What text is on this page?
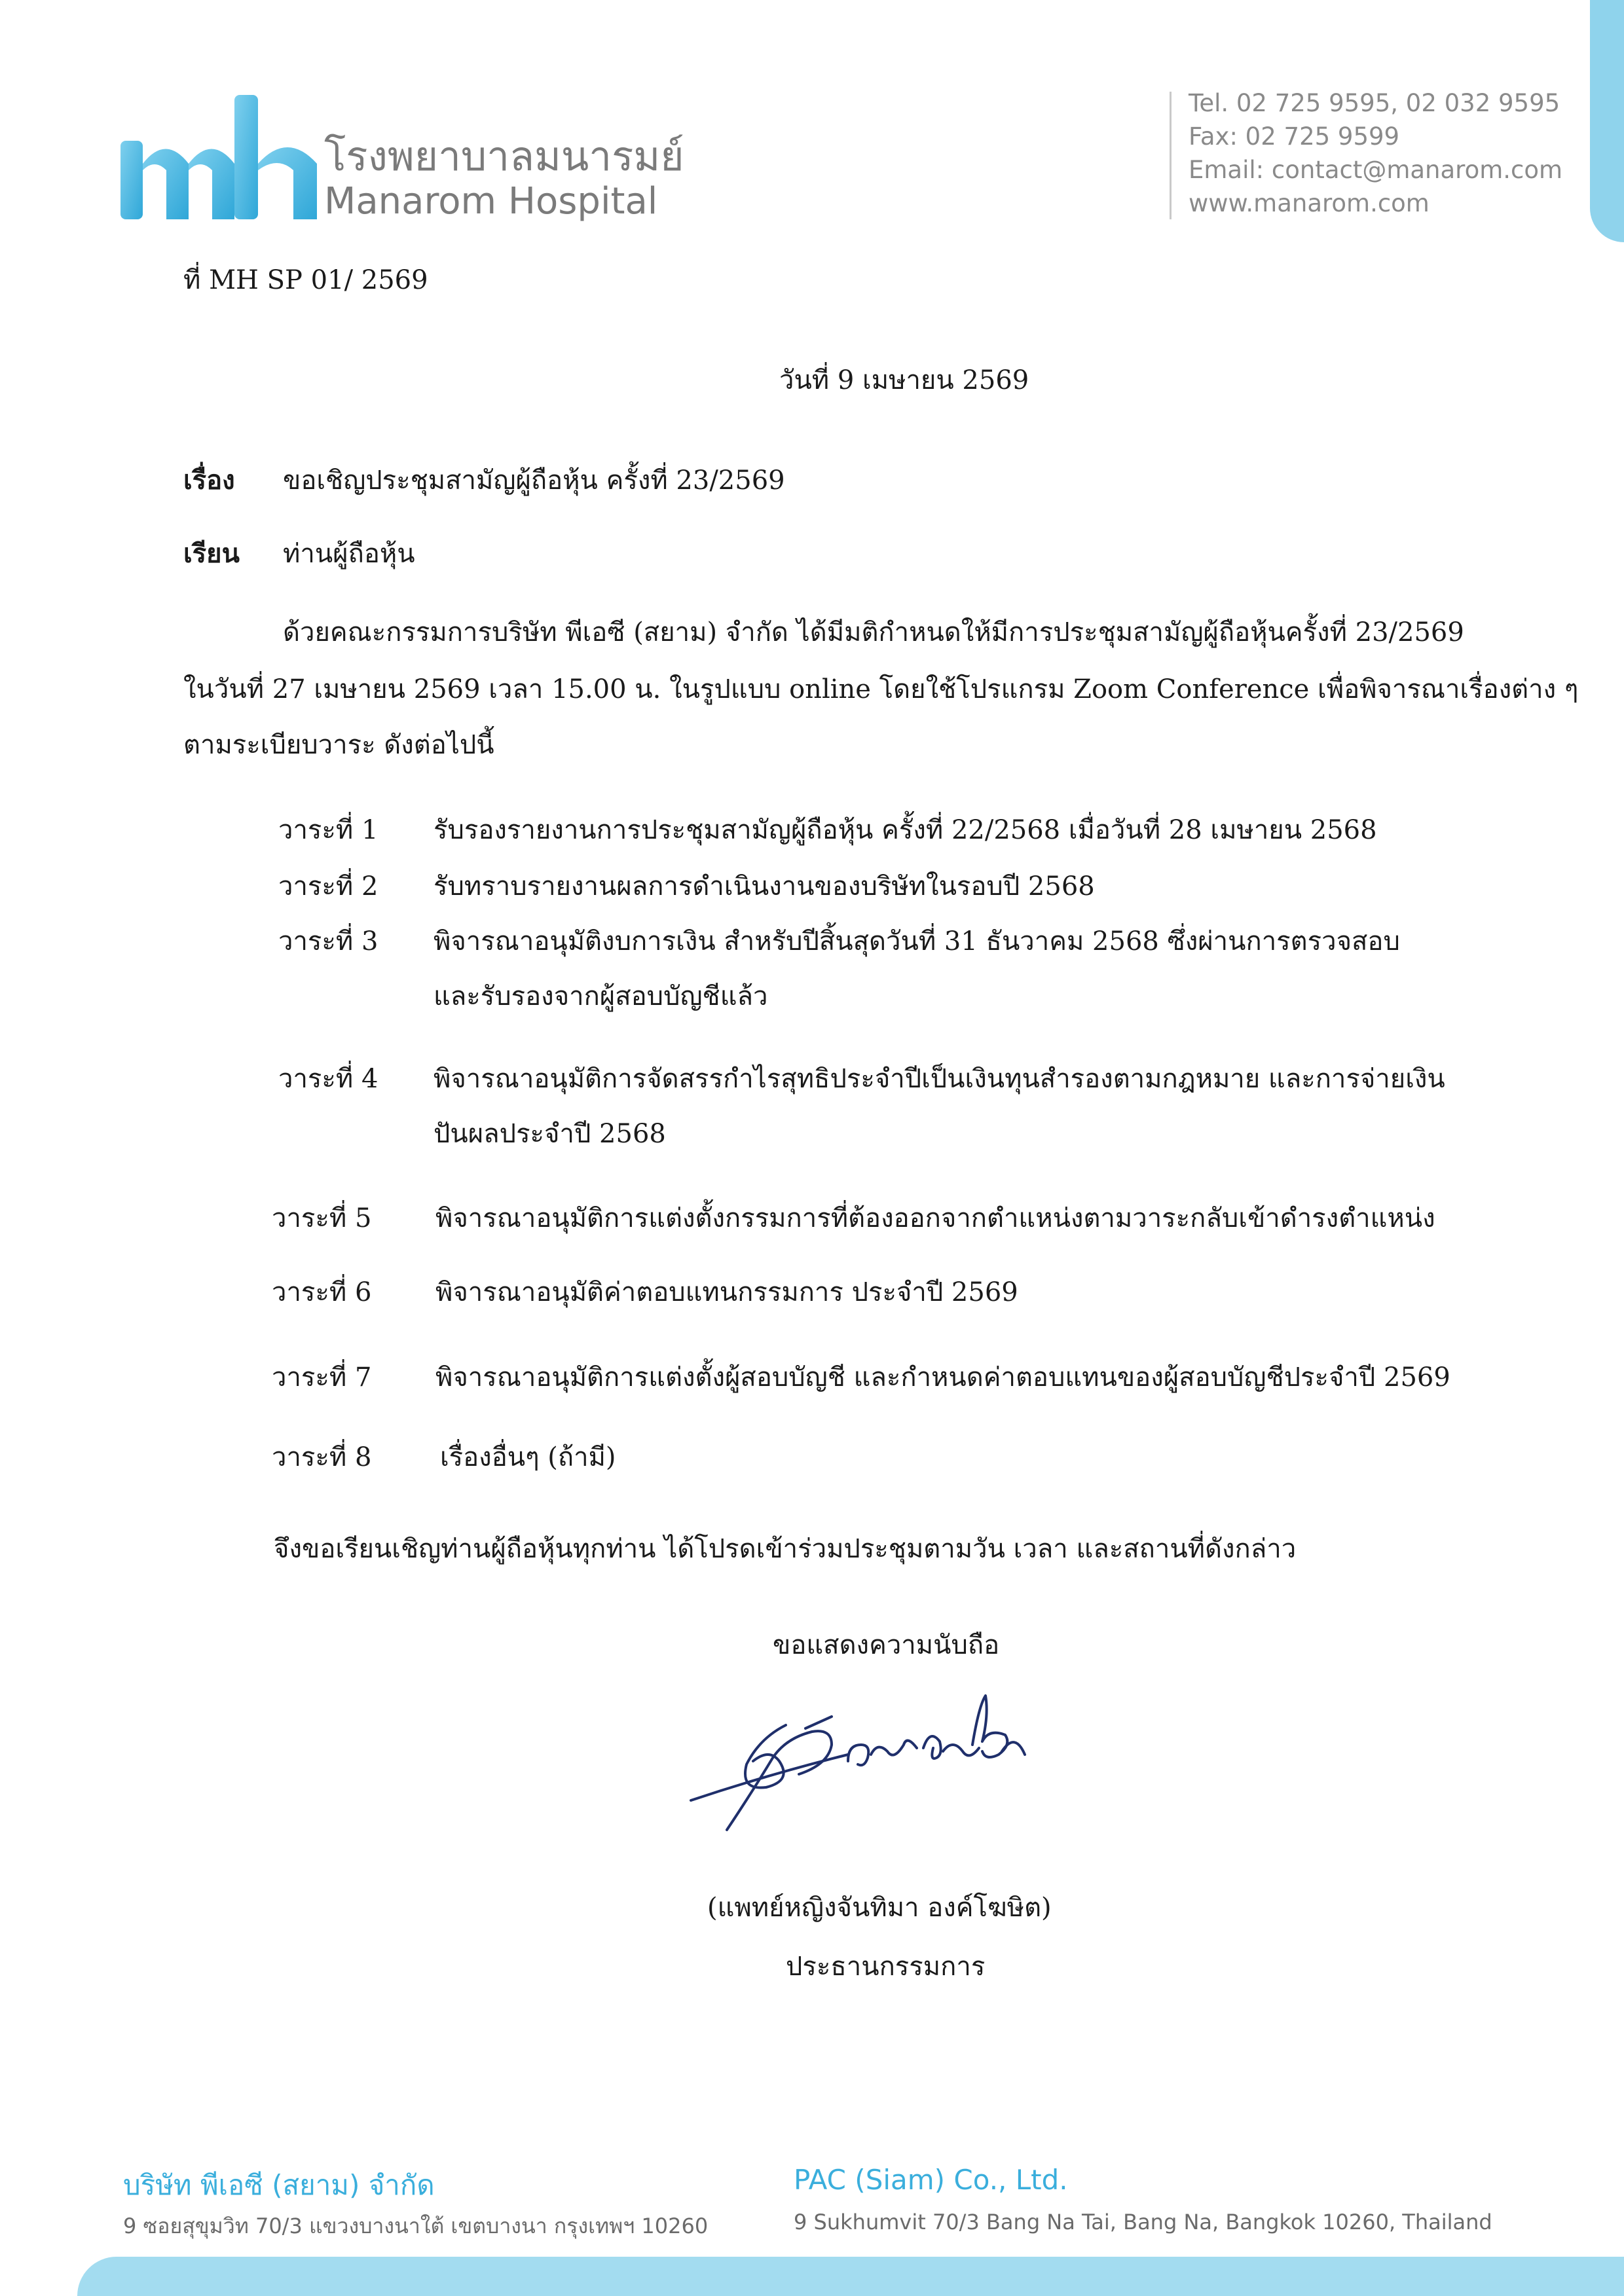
โรงพยาบาลมนารมย์
Manarom Hospital
Tel. 02 725 9595, 02 032 9595
Fax: 02 725 9599
Email: contact@manarom.com
www.manarom.com
ที่ MH SP 01/ 2569
วันที่ 9 เมษายน 2569
เรื่อง ขอเชิญประชุมสามัญผู้ถือหุ้น ครั้งที่ 23/2569
เรียน ท่านผู้ถือหุ้น
ด้วยคณะกรรมการบริษัท พีเอซี (สยาม) จำกัด ได้มีมติกำหนดให้มีการประชุมสามัญผู้ถือหุ้นครั้งที่ 23/2569
ในวันที่ 27 เมษายน 2569 เวลา 15.00 น. ในรูปแบบ online โดยใช้โปรแกรม Zoom Conference เพื่อพิจารณาเรื่องต่าง ๆ
ตามระเบียบวาระ ดังต่อไปนี้
วาระที่ 1 รับรองรายงานการประชุมสามัญผู้ถือหุ้น ครั้งที่ 22/2568 เมื่อวันที่ 28 เมษายน 2568
วาระที่ 2 รับทราบรายงานผลการดำเนินงานของบริษัทในรอบปี 2568
วาระที่ 3 พิจารณาอนุมัติงบการเงิน สำหรับปีสิ้นสุดวันที่ 31 ธันวาคม 2568 ซึ่งผ่านการตรวจสอบ
และรับรองจากผู้สอบบัญชีแล้ว
วาระที่ 4 พิจารณาอนุมัติการจัดสรรกำไรสุทธิประจำปีเป็นเงินทุนสำรองตามกฎหมาย และการจ่ายเงิน
ปันผลประจำปี 2568
วาระที่ 5 พิจารณาอนุมัติการแต่งตั้งกรรมการที่ต้องออกจากตำแหน่งตามวาระกลับเข้าดำรงตำแหน่ง
วาระที่ 6 พิจารณาอนุมัติค่าตอบแทนกรรมการ ประจำปี 2569
วาระที่ 7 พิจารณาอนุมัติการแต่งตั้งผู้สอบบัญชี และกำหนดค่าตอบแทนของผู้สอบบัญชีประจำปี 2569
วาระที่ 8	เรื่องอื่นๆ (ถ้ามี)
จึงขอเรียนเชิญท่านผู้ถือหุ้นทุกท่าน ได้โปรดเข้าร่วมประชุมตามวัน เวลา และสถานที่ดังกล่าว
ขอแสดงความนับถือ
(แพทย์หญิงจันทิมา องค์โฆษิต)
ประธานกรรมการ
บริษัท พีเอซี (สยาม) จำกัด
9 ซอยสุขุมวิท 70/3 แขวงบางนาใต้ เขตบางนา กรุงเทพฯ 10260
PAC (Siam) Co., Ltd.
9 Sukhumvit 70/3 Bang Na Tai, Bang Na, Bangkok 10260, Thailand
